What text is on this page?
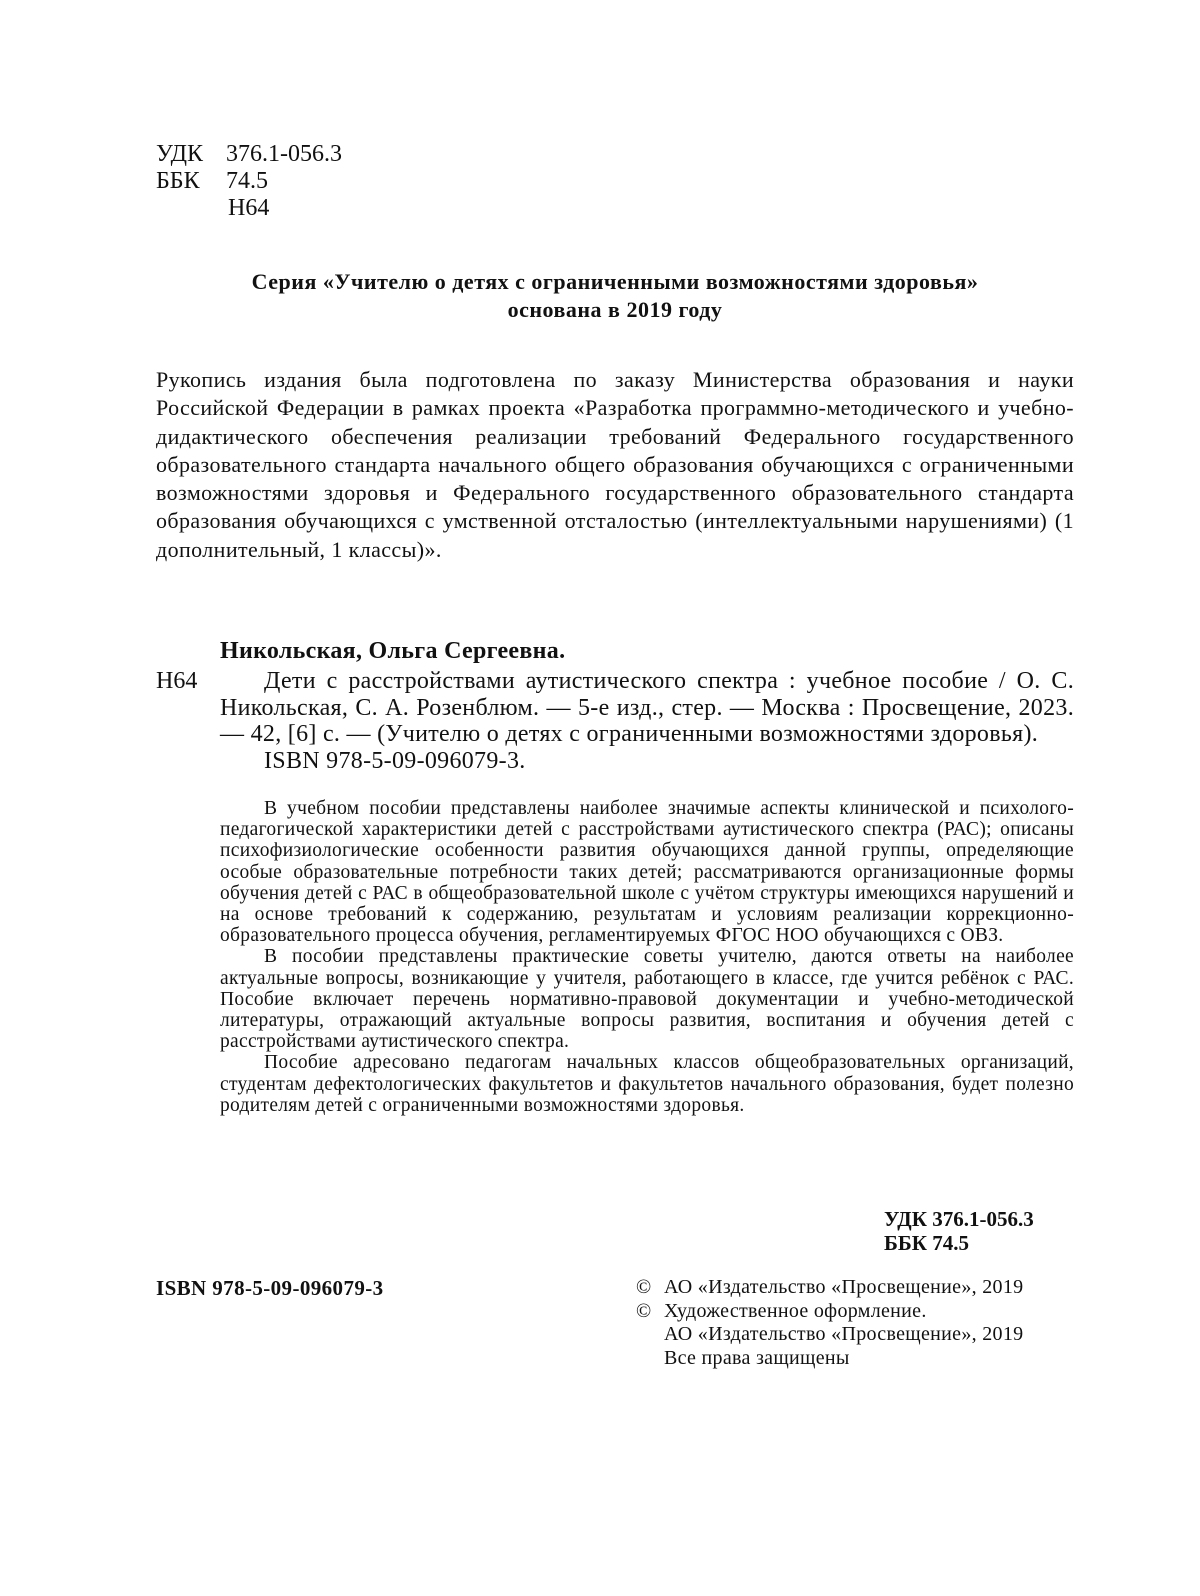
УДК 376.1-056.3
ББК 74.5
Н64
Серия «Учителю о детях с ограниченными возможностями здоровья»
основана в 2019 году
Рукопись издания была подготовлена по заказу Министерства образования и науки Российской Федерации в рамках проекта «Разработка программно-методического и учебно-дидактического обеспечения реализации требований Федерального государственного образовательного стандарта начального общего образования обучающихся с ограниченными возможностями здоровья и Федерального государственного образовательного стандарта образования обучающихся с умственной отсталостью (интеллектуальными нарушениями) (1 дополнительный, 1 классы)».
Никольская, Ольга Сергеевна.
Н64	Дети с расстройствами аутистического спектра : учебное пособие / О. С. Никольская, С. А. Розенблюм. — 5-е изд., стер. — Москва : Просвещение, 2023. — 42, [6] с. — (Учителю о детях с ограниченными возможностями здоровья).
ISBN 978-5-09-096079-3.

В учебном пособии представлены наиболее значимые аспекты клинической и психолого-педагогической характеристики детей с расстройствами аутистического спектра (РАС); описаны психофизиологические особенности развития обучающихся данной группы, определяющие особые образовательные потребности таких детей; рассматриваются организационные формы обучения детей с РАС в общеобразовательной школе с учётом структуры имеющихся нарушений и на основе требований к содержанию, результатам и условиям реализации коррекционно-образовательного процесса обучения, регламентируемых ФГОС НОО обучающихся с ОВЗ.

В пособии представлены практические советы учителю, даются ответы на наиболее актуальные вопросы, возникающие у учителя, работающего в классе, где учится ребёнок с РАС. Пособие включает перечень нормативно-правовой документации и учебно-методической литературы, отражающий актуальные вопросы развития, воспитания и обучения детей с расстройствами аутистического спектра.

Пособие адресовано педагогам начальных классов общеобразовательных организаций, студентам дефектологических факультетов и факультетов начального образования, будет полезно родителям детей с ограниченными возможностями здоровья.

УДК 376.1-056.3
ББК 74.5
ISBN 978-5-09-096079-3	© АО «Издательство «Просвещение», 2019
© Художественное оформление.
АО «Издательство «Просвещение», 2019
Все права защищены
